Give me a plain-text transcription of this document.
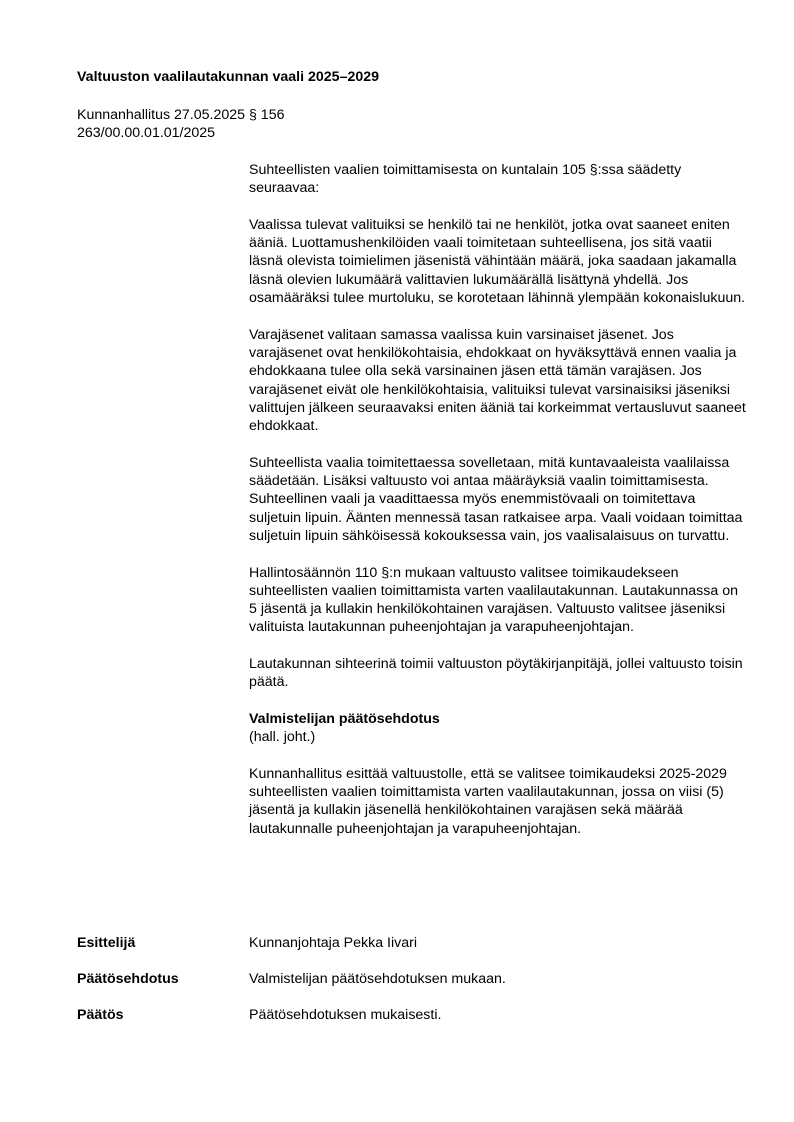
Valtuuston vaalilautakunnan vaali 2025–2029
Kunnanhallitus 27.05.2025 § 156
263/00.00.01.01/2025

Suhteellisten vaalien toimittamisesta on kuntalain 105 §:ssa säädetty seuraavaa:

Vaalissa tulevat valituiksi se henkilö tai ne henkilöt, jotka ovat saaneet eniten ääniä. Luottamushenkilöiden vaali toimitetaan suhteellisena, jos sitä vaatii läsnä olevista toimielimen jäsenistä vähintään määrä, joka saadaan jakamalla läsnä olevien lukumäärä valittavien lukumäärällä lisättynä yhdellä. Jos osamääräksi tulee murtoluku, se korotetaan lähinnä ylempään kokonaislukuun.

Varajäsenet valitaan samassa vaalissa kuin varsinaiset jäsenet. Jos varajäsenet ovat henkilökohtaisia, ehdokkaat on hyväksyttävä ennen vaalia ja ehdokkaana tulee olla sekä varsinainen jäsen että tämän varajäsen. Jos varajäsenet eivät ole henkilökohtaisia, valituiksi tulevat varsinaisiksi jäseniksi valittujen jälkeen seuraavaksi eniten ääniä tai korkeimmat vertausluvut saaneet ehdokkaat.

Suhteellista vaalia toimitettaessa sovelletaan, mitä kuntavaaleista vaalilaissa säädetään. Lisäksi valtuusto voi antaa määräyksiä vaalin toimittamisesta. Suhteellinen vaali ja vaadittaessa myös enemmistövaali on toimitettava suljetuin lipuin. Äänten mennessä tasan ratkaisee arpa. Vaali voidaan toimittaa suljetuin lipuin sähköisessä kokouksessa vain, jos vaalisalaisuus on turvattu.

Hallintosäännön 110 §:n mukaan valtuusto valitsee toimikaudekseen suhteellisten vaalien toimittamista varten vaalilautakunnan. Lautakunnassa on 5 jäsentä ja kullakin henkilökohtainen varajäsen. Valtuusto valitsee jäseniksi valituista lautakunnan puheenjohtajan ja varapuheenjohtajan.

Lautakunnan sihteerinä toimii valtuuston pöytäkirjanpitäjä, jollei valtuusto toisin päätä.

Valmistelijan päätösehdotus
(hall. joht.)

Kunnanhallitus esittää valtuustolle, että se valitsee toimikaudeksi 2025-2029 suhteellisten vaalien toimittamista varten vaalilautakunnan, jossa on viisi (5) jäsentä ja kullakin jäsenellä henkilökohtainen varajäsen sekä määrää lautakunnalle puheenjohtajan ja varapuheenjohtajan.

Esittelijä	Kunnanjohtaja Pekka Iivari
Päätösehdotus	Valmistelijan päätösehdotuksen mukaan.
Päätös	Päätösehdotuksen mukaisesti.
